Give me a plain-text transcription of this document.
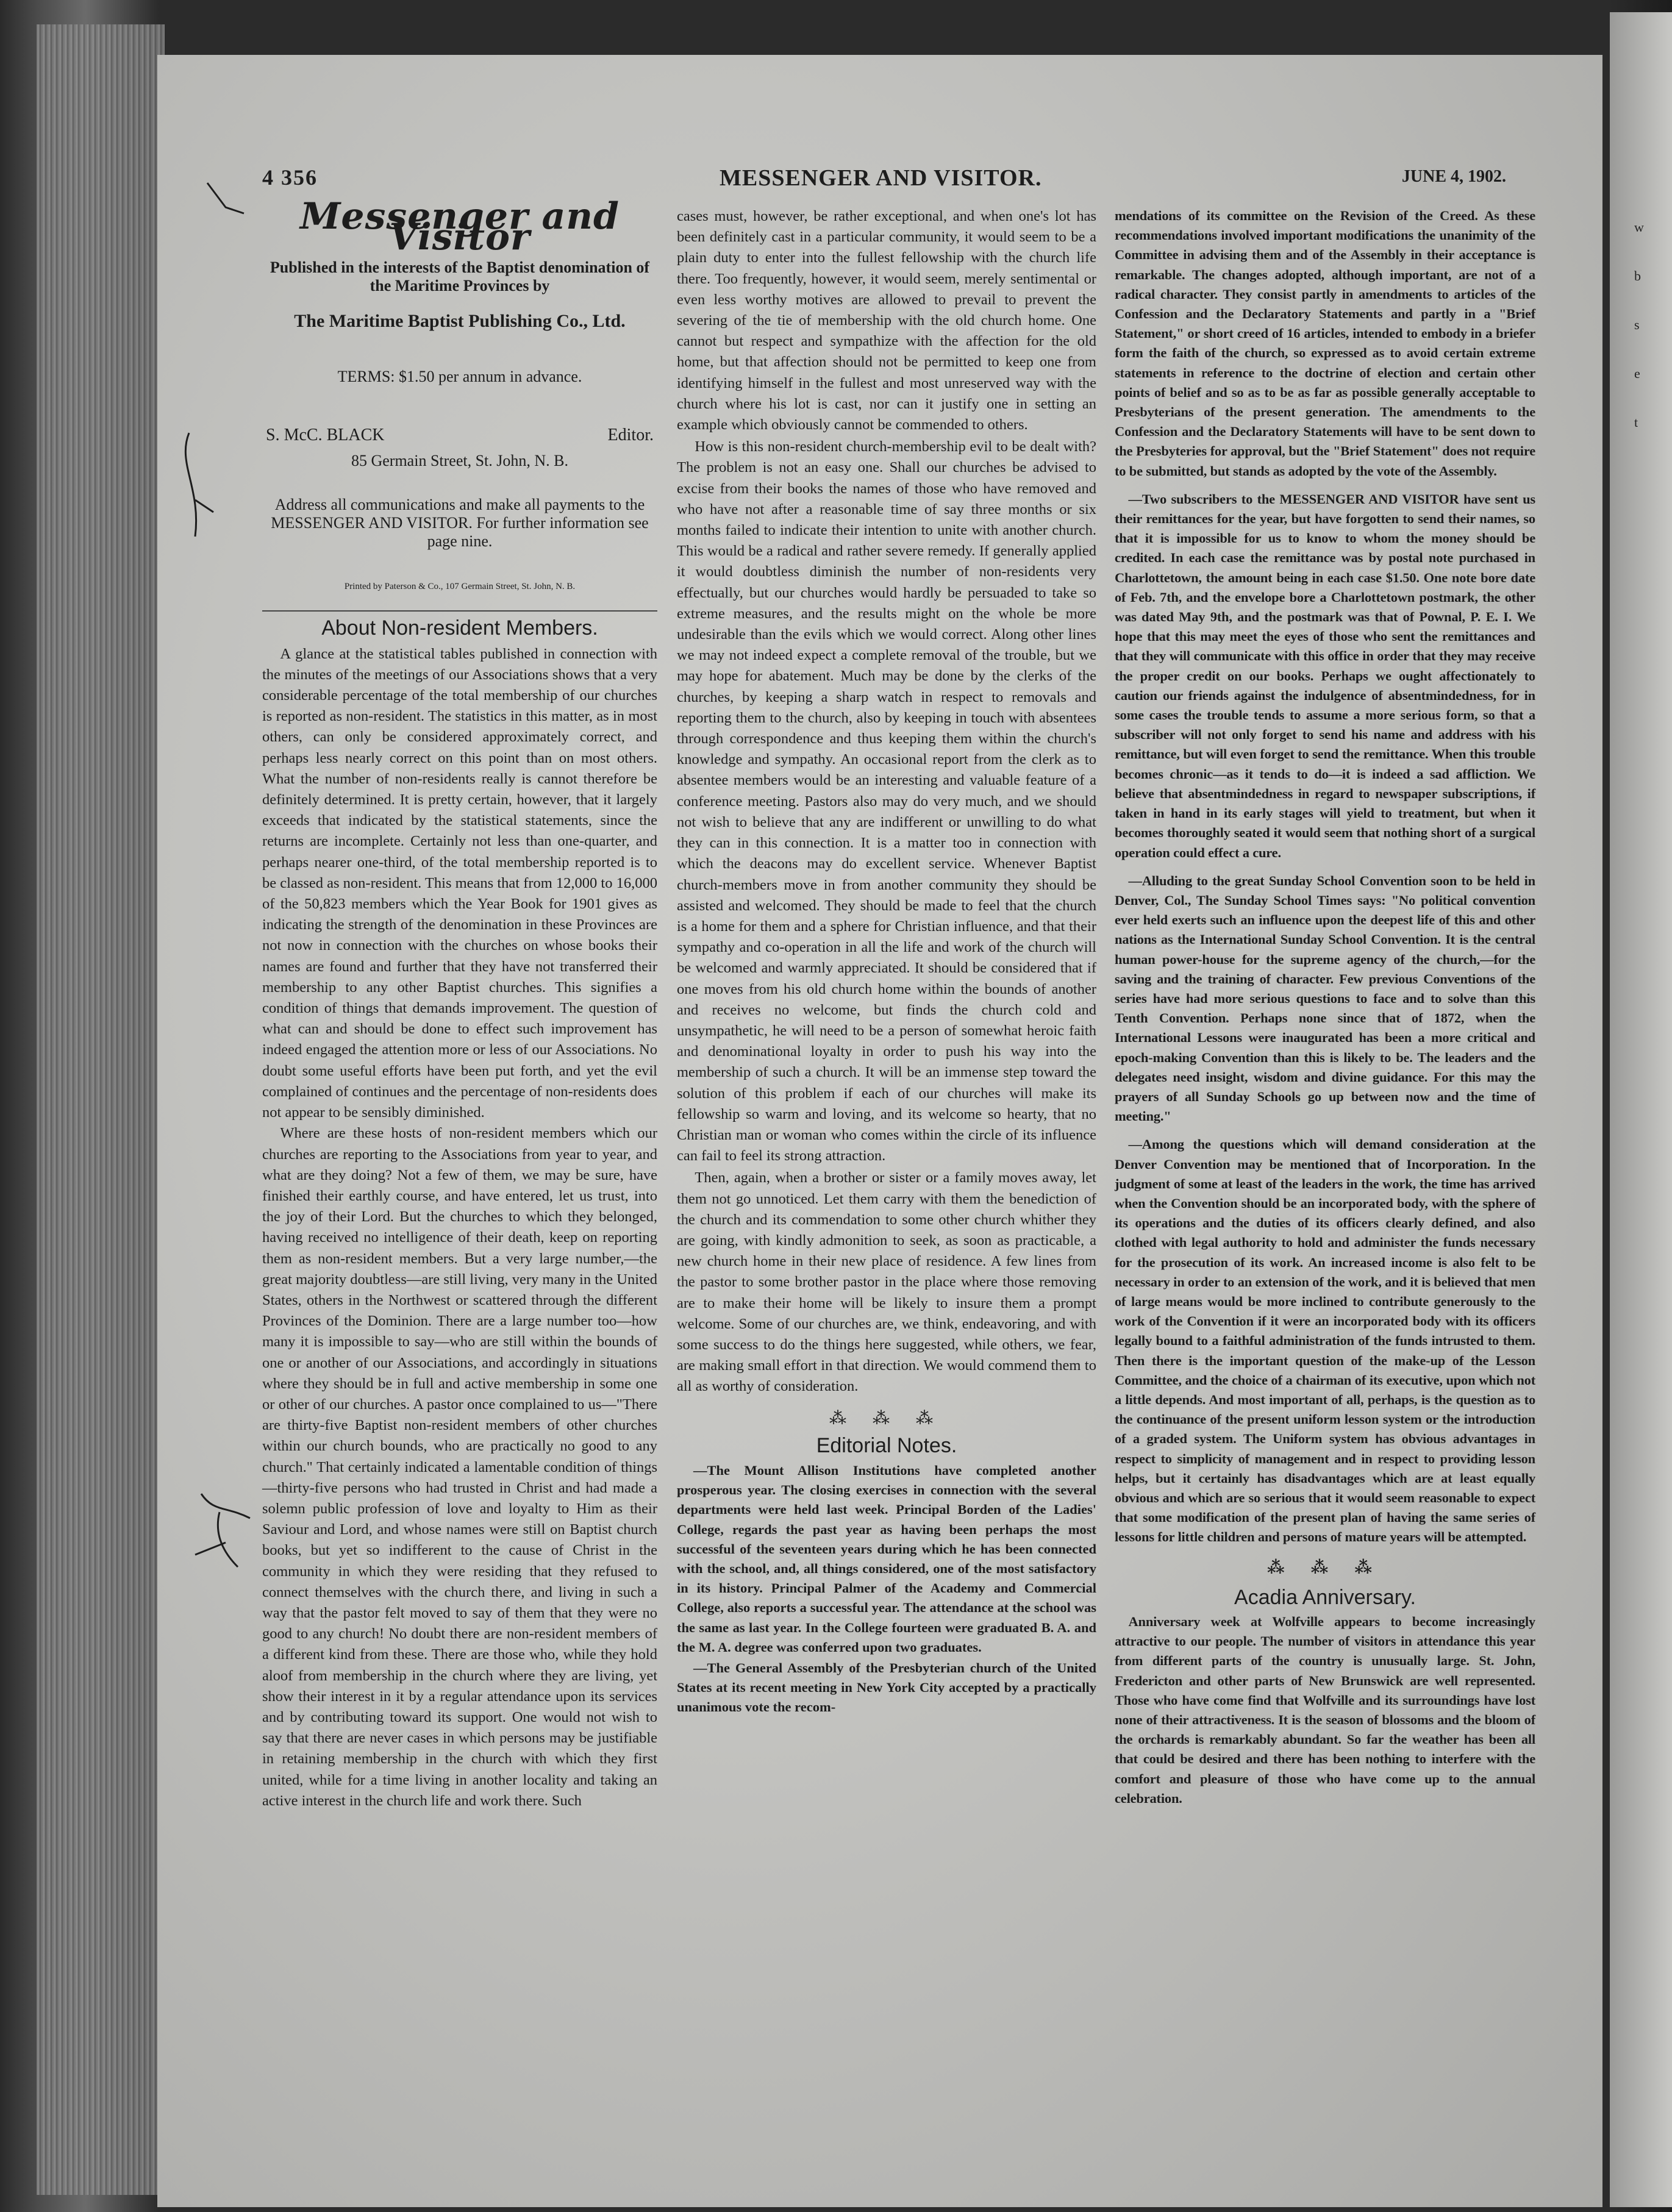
w
b
s
e
t
4 356	MESSENGER AND VISITOR.	JUNE 4, 1902.
Messenger and Visitor
Published in the interests of the Baptist denomination of the Maritime Provinces by
The Maritime Baptist Publishing Co., Ltd.
TERMS: $1.50 per annum in advance.
S. McC. BLACK	Editor.
85 Germain Street, St. John, N. B.
Address all communications and make all payments to the MESSENGER AND VISITOR. For further information see page nine.
Printed by Paterson & Co., 107 Germain Street, St. John, N. B.
About Non-resident Members.

A glance at the statistical tables published in connection with the minutes of the meetings of our Associations shows that a very considerable percentage of the total membership of our churches is reported as non-resident. The statistics in this matter, as in most others, can only be considered approximately correct, and perhaps less nearly correct on this point than on most others. What the number of non-residents really is cannot therefore be definitely determined. It is pretty certain, however, that it largely exceeds that indicated by the statistical statements, since the returns are incomplete. Certainly not less than one-quarter, and perhaps nearer one-third, of the total membership reported is to be classed as non-resident. This means that from 12,000 to 16,000 of the 50,823 members which the Year Book for 1901 gives as indicating the strength of the denomination in these Provinces are not now in connection with the churches on whose books their names are found and further that they have not transferred their membership to any other Baptist churches. This signifies a condition of things that demands improvement. The question of what can and should be done to effect such improvement has indeed engaged the attention more or less of our Associations. No doubt some useful efforts have been put forth, and yet the evil complained of continues and the percentage of non-residents does not appear to be sensibly diminished.

Where are these hosts of non-resident members which our churches are reporting to the Associations from year to year, and what are they doing? Not a few of them, we may be sure, have finished their earthly course, and have entered, let us trust, into the joy of their Lord. But the churches to which they belonged, having received no intelligence of their death, keep on reporting them as non-resident members. But a very large number,—the great majority doubtless—are still living, very many in the United States, others in the Northwest or scattered through the different Provinces of the Dominion. There are a large number too—how many it is impossible to say—who are still within the bounds of one or another of our Associations, and accordingly in situations where they should be in full and active membership in some one or other of our churches. A pastor once complained to us—"There are thirty-five Baptist non-resident members of other churches within our church bounds, who are practically no good to any church." That certainly indicated a lamentable condition of things—thirty-five persons who had trusted in Christ and had made a solemn public profession of love and loyalty to Him as their Saviour and Lord, and whose names were still on Baptist church books, but yet so indifferent to the cause of Christ in the community in which they were residing that they refused to connect themselves with the church there, and living in such a way that the pastor felt moved to say of them that they were no good to any church! No doubt there are non-resident members of a different kind from these. There are those who, while they hold aloof from membership in the church where they are living, yet show their interest in it by a regular attendance upon its services and by contributing toward its support. One would not wish to say that there are never cases in which persons may be justifiable in retaining membership in the church with which they first united, while for a time living in another locality and taking an active interest in the church life and work there. Such

cases must, however, be rather exceptional, and when one's lot has been definitely cast in a particular community, it would seem to be a plain duty to enter into the fullest fellowship with the church life there. Too frequently, however, it would seem, merely sentimental or even less worthy motives are allowed to prevail to prevent the severing of the tie of membership with the old church home. One cannot but respect and sympathize with the affection for the old home, but that affection should not be permitted to keep one from identifying himself in the fullest and most unreserved way with the church where his lot is cast, nor can it justify one in setting an example which obviously cannot be commended to others.

How is this non-resident church-membership evil to be dealt with? The problem is not an easy one. Shall our churches be advised to excise from their books the names of those who have removed and who have not after a reasonable time of say three months or six months failed to indicate their intention to unite with another church. This would be a radical and rather severe remedy. If generally applied it would doubtless diminish the number of non-residents very effectually, but our churches would hardly be persuaded to take so extreme measures, and the results might on the whole be more undesirable than the evils which we would correct. Along other lines we may not indeed expect a complete removal of the trouble, but we may hope for abatement. Much may be done by the clerks of the churches, by keeping a sharp watch in respect to removals and reporting them to the church, also by keeping in touch with absentees through correspondence and thus keeping them within the church's knowledge and sympathy. An occasional report from the clerk as to absentee members would be an interesting and valuable feature of a conference meeting. Pastors also may do very much, and we should not wish to believe that any are indifferent or unwilling to do what they can in this connection. It is a matter too in connection with which the deacons may do excellent service. Whenever Baptist church-members move in from another community they should be assisted and welcomed. They should be made to feel that the church is a home for them and a sphere for Christian influence, and that their sympathy and co-operation in all the life and work of the church will be welcomed and warmly appreciated. It should be considered that if one moves from his old church home within the bounds of another and receives no welcome, but finds the church cold and unsympathetic, he will need to be a person of somewhat heroic faith and denominational loyalty in order to push his way into the membership of such a church. It will be an immense step toward the solution of this problem if each of our churches will make its fellowship so warm and loving, and its welcome so hearty, that no Christian man or woman who comes within the circle of its influence can fail to feel its strong attraction.

Then, again, when a brother or sister or a family moves away, let them not go unnoticed. Let them carry with them the benediction of the church and its commendation to some other church whither they are going, with kindly admonition to seek, as soon as practicable, a new church home in their new place of residence. A few lines from the pastor to some brother pastor in the place where those removing are to make their home will be likely to insure them a prompt welcome. Some of our churches are, we think, endeavoring, and with some success to do the things here suggested, while others, we fear, are making small effort in that direction. We would commend them to all as worthy of consideration.

⁂ ⁂ ⁂
Editorial Notes.

—The Mount Allison Institutions have completed another prosperous year. The closing exercises in connection with the several departments were held last week. Principal Borden of the Ladies' College, regards the past year as having been perhaps the most successful of the seventeen years during which he has been connected with the school, and, all things considered, one of the most satisfactory in its history. Principal Palmer of the Academy and Commercial College, also reports a successful year. The attendance at the school was the same as last year. In the College fourteen were graduated B. A. and the M. A. degree was conferred upon two graduates.

—The General Assembly of the Presbyterian church of the United States at its recent meeting in New York City accepted by a practically unanimous vote the recom-

mendations of its committee on the Revision of the Creed. As these recommendations involved important modifications the unanimity of the Committee in advising them and of the Assembly in their acceptance is remarkable. The changes adopted, although important, are not of a radical character. They consist partly in amendments to articles of the Confession and the Declaratory Statements and partly in a "Brief Statement," or short creed of 16 articles, intended to embody in a briefer form the faith of the church, so expressed as to avoid certain extreme statements in reference to the doctrine of election and certain other points of belief and so as to be as far as possible generally acceptable to Presbyterians of the present generation. The amendments to the Confession and the Declaratory Statements will have to be sent down to the Presbyteries for approval, but the "Brief Statement" does not require to be submitted, but stands as adopted by the vote of the Assembly.

—Two subscribers to the MESSENGER AND VISITOR have sent us their remittances for the year, but have forgotten to send their names, so that it is impossible for us to know to whom the money should be credited. In each case the remittance was by postal note purchased in Charlottetown, the amount being in each case $1.50. One note bore date of Feb. 7th, and the envelope bore a Charlottetown postmark, the other was dated May 9th, and the postmark was that of Pownal, P. E. I. We hope that this may meet the eyes of those who sent the remittances and that they will communicate with this office in order that they may receive the proper credit on our books. Perhaps we ought affectionately to caution our friends against the indulgence of absentmindedness, for in some cases the trouble tends to assume a more serious form, so that a subscriber will not only forget to send his name and address with his remittance, but will even forget to send the remittance. When this trouble becomes chronic—as it tends to do—it is indeed a sad affliction. We believe that absentmindedness in regard to newspaper subscriptions, if taken in hand in its early stages will yield to treatment, but when it becomes thoroughly seated it would seem that nothing short of a surgical operation could effect a cure.

—Alluding to the great Sunday School Convention soon to be held in Denver, Col., The Sunday School Times says: "No political convention ever held exerts such an influence upon the deepest life of this and other nations as the International Sunday School Convention. It is the central human power-house for the supreme agency of the church,—for the saving and the training of character. Few previous Conventions of the series have had more serious questions to face and to solve than this Tenth Convention. Perhaps none since that of 1872, when the International Lessons were inaugurated has been a more critical and epoch-making Convention than this is likely to be. The leaders and the delegates need insight, wisdom and divine guidance. For this may the prayers of all Sunday Schools go up between now and the time of meeting."

—Among the questions which will demand consideration at the Denver Convention may be mentioned that of Incorporation. In the judgment of some at least of the leaders in the work, the time has arrived when the Convention should be an incorporated body, with the sphere of its operations and the duties of its officers clearly defined, and also clothed with legal authority to hold and administer the funds necessary for the prosecution of its work. An increased income is also felt to be necessary in order to an extension of the work, and it is believed that men of large means would be more inclined to contribute generously to the work of the Convention if it were an incorporated body with its officers legally bound to a faithful administration of the funds intrusted to them. Then there is the important question of the make-up of the Lesson Committee, and the choice of a chairman of its executive, upon which not a little depends. And most important of all, perhaps, is the question as to the continuance of the present uniform lesson system or the introduction of a graded system. The Uniform system has obvious advantages in respect to simplicity of management and in respect to providing lesson helps, but it certainly has disadvantages which are at least equally obvious and which are so serious that it would seem reasonable to expect that some modification of the present plan of having the same series of lessons for little children and persons of mature years will be attempted.

⁂ ⁂ ⁂
Acadia Anniversary.

Anniversary week at Wolfville appears to become increasingly attractive to our people. The number of visitors in attendance this year from different parts of the country is unusually large. St. John, Fredericton and other parts of New Brunswick are well represented. Those who have come find that Wolfville and its surroundings have lost none of their attractiveness. It is the season of blossoms and the bloom of the orchards is remarkably abundant. So far the weather has been all that could be desired and there has been nothing to interfere with the comfort and pleasure of those who have come up to the annual celebration.
